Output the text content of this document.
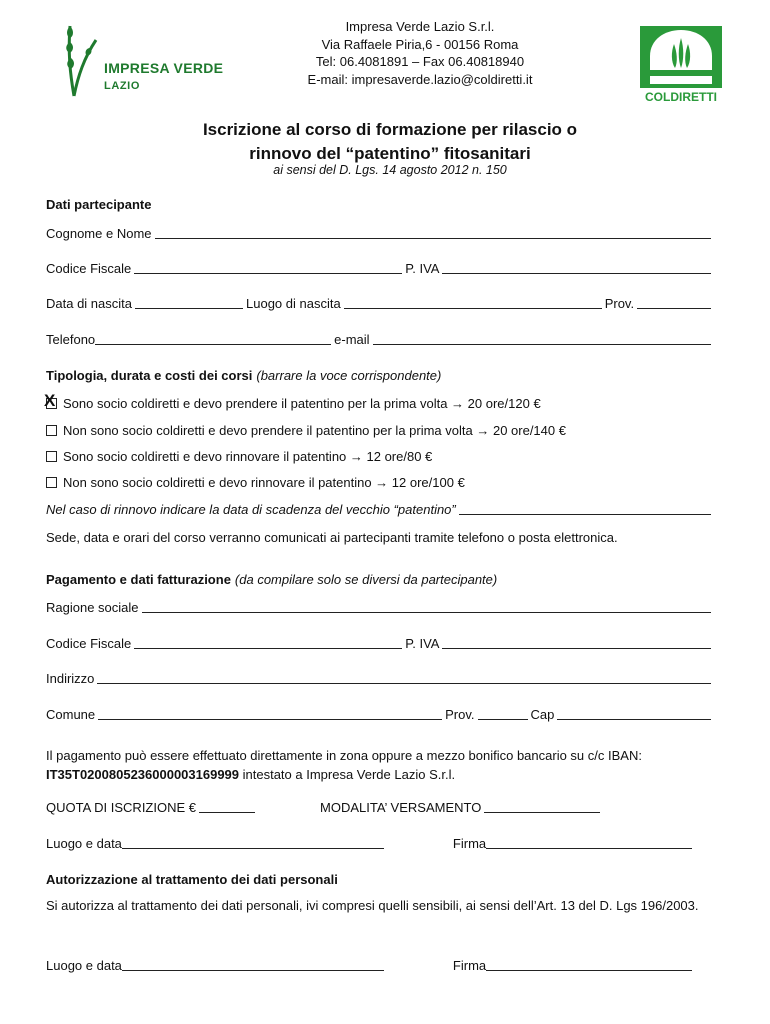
IMPRESA VERDE
LAZIO
Impresa Verde Lazio S.r.l.
Via Raffaele Piria,6 - 00156 Roma
Tel: 06.4081891 – Fax 06.40818940
E-mail: impresaverde.lazio@coldiretti.it
COLDIRETTI
Iscrizione al corso di formazione per rilascio o
rinnovo del “patentino” fitosanitari
ai sensi del D. Lgs. 14 agosto 2012 n. 150
Dati partecipante
Cognome e Nome
Codice Fiscale	P. IVA
Data di nascita	Luogo di nascita	Prov.
Telefono	e-mail
Tipologia, durata e costi dei corsi (barrare la voce corrispondente)
X Sono socio coldiretti e devo prendere il patentino per la prima volta → 20 ore/120 €
Non sono socio coldiretti e devo prendere il patentino per la prima volta → 20 ore/140 €
Sono socio coldiretti e devo rinnovare il patentino → 12 ore/80 €
Non sono socio coldiretti e devo rinnovare il patentino → 12 ore/100 €
Nel caso di rinnovo indicare la data di scadenza del vecchio “patentino”
Sede, data e orari del corso verranno comunicati ai partecipanti tramite telefono o posta elettronica.
Pagamento e dati fatturazione (da compilare solo se diversi da partecipante)
Ragione sociale
Codice Fiscale	P. IVA
Indirizzo
Comune	Prov.	Cap
Il pagamento può essere effettuato direttamente in zona oppure a mezzo bonifico bancario su c/c IBAN:
IT35T0200805236000003169999 intestato a Impresa Verde Lazio S.r.l.
QUOTA DI ISCRIZIONE €	MODALITA’ VERSAMENTO
Luogo e data	Firma
Autorizzazione al trattamento dei dati personali
Si autorizza al trattamento dei dati personali, ivi compresi quelli sensibili, ai sensi dell’Art. 13 del D. Lgs 196/2003.
Luogo e data	Firma
